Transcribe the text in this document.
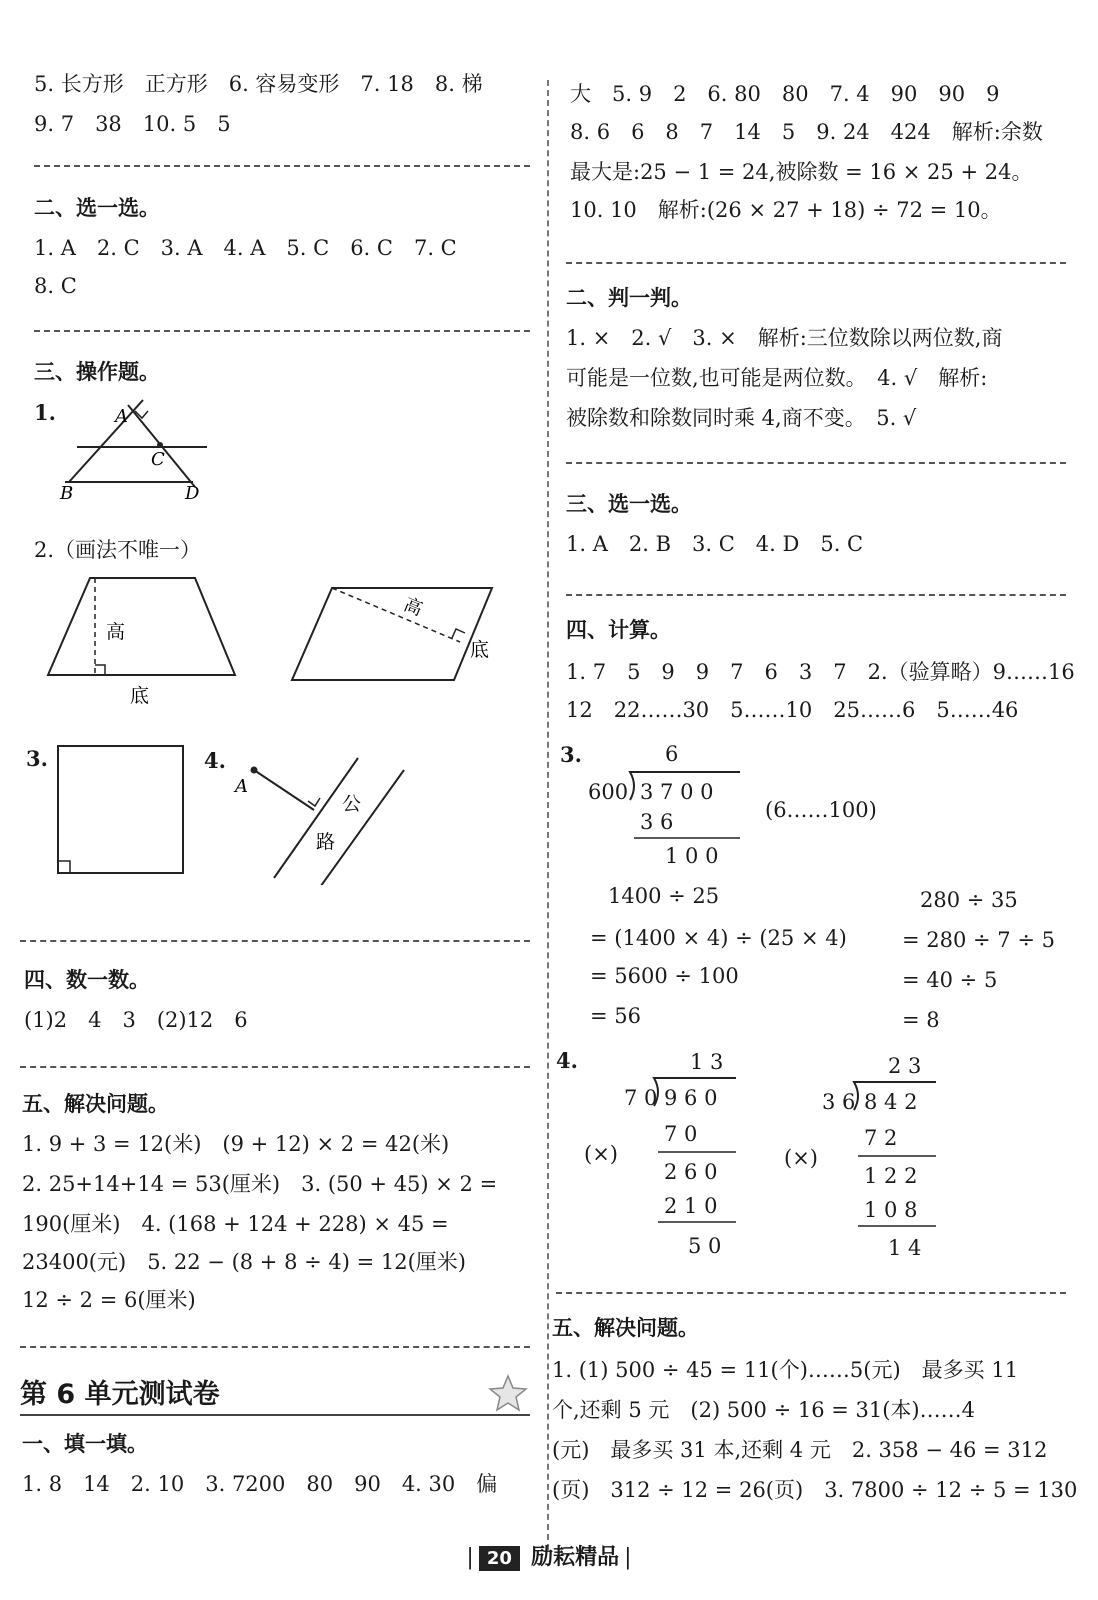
5. 长方形　正方形　6. 容易变形　7. 18　8. 梯
9. 7　38　10. 5　5
二、选一选。
1. A　2. C　3. A　4. A　5. C　6. C　7. C
8. C
三、操作题。
1.	A
C
B	D
2.（画法不唯一）
高
底
高
底
3.	4.
A
公
路
四、数一数。
(1)2　4　3　(2)12　6
五、解决问题。
1. 9 + 3 = 12(米)　(9 + 12) × 2 = 42(米)
2. 25+14+14 = 53(厘米)　3. (50 + 45) × 2 =
190(厘米)　4. (168 + 124 + 228) × 45 =
23400(元)　5. 22 − (8 + 8 ÷ 4) = 12(厘米)
12 ÷ 2 = 6(厘米)
第 6 单元测试卷
一、填一填。
1. 8　14　2. 10　3. 7200　80　90　4. 30　偏
大　5. 9　2　6. 80　80　7. 4　90　90　9
8. 6　6　8　7　14　5　9. 24　424　解析:余数
最大是:25 − 1 = 24,被除数 = 16 × 25 + 24。
10. 10　解析:(26 × 27 + 18) ÷ 72 = 10。
二、判一判。
1. ×　2. √　3. ×　解析:三位数除以两位数,商
可能是一位数,也可能是两位数。　4. √　解析:
被除数和除数同时乘 4,商不变。　5. √
三、选一选。
1. A　2. B　3. C　4. D　5. C
四、计算。
1. 7　5　9　9　7　6　3　7　2.（验算略）9……16
12　22……30　5……10　25……6　5……46
3.	6
600 3 7 0 0
3 6
1 0 0
(6……100)
1400 ÷ 25
= (1400 × 4) ÷ (25 × 4)
= 5600 ÷ 100
= 56
280 ÷ 35
= 280 ÷ 7 ÷ 5
= 40 ÷ 5
= 8
4.	1 3
7 0 9 6 0
7 0
2 6 0
2 1 0
5 0
(×)
2 3
3 6 8 4 2
7 2
1 2 2
1 0 8
1 4
(×)
五、解决问题。
1. (1) 500 ÷ 45 = 11(个)……5(元)　最多买 11
个,还剩 5 元　(2) 500 ÷ 16 = 31(本)……4
(元)　最多买 31 本,还剩 4 元　2. 358 − 46 = 312
(页)　312 ÷ 12 = 26(页)　3. 7800 ÷ 12 ÷ 5 = 130
| 20 励耘精品 |
